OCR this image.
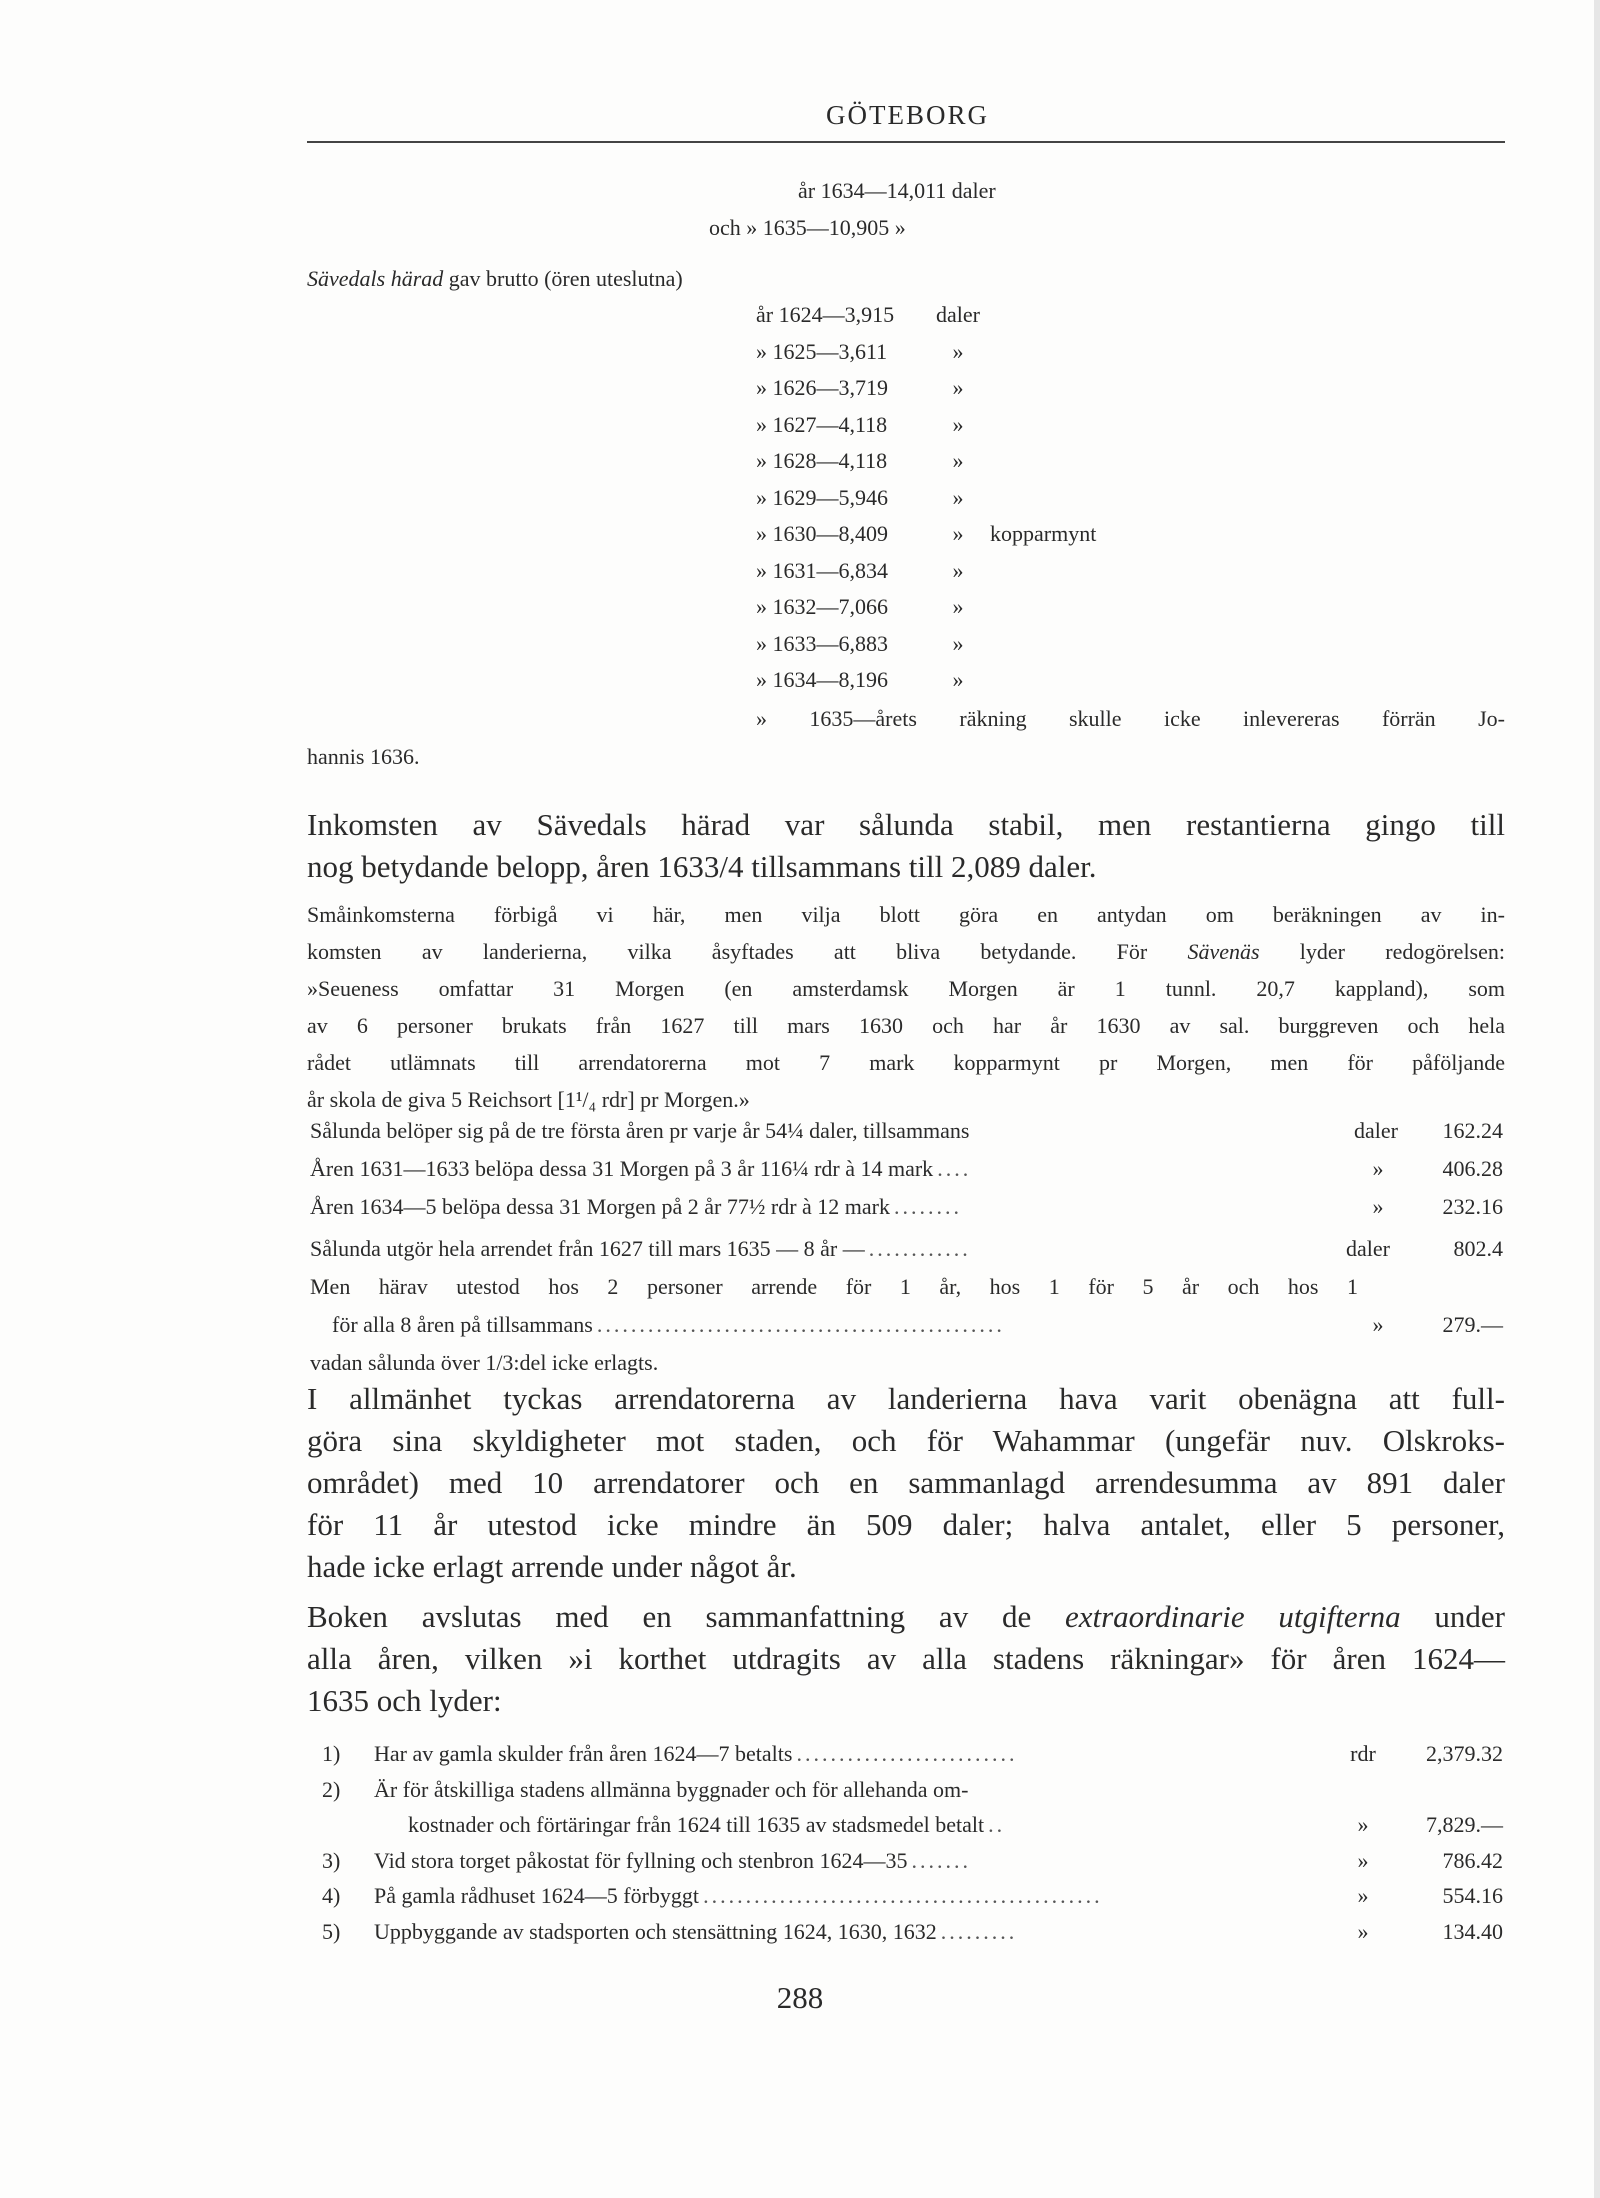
GÖTEBORG
år 1634—14,011 daler
och » 1635—10,905 »
Sävedals härad gav brutto (ören uteslutna)
år 1624—3,915 daler
» 1625—3,611	»
» 1626—3,719	»
» 1627—4,118	»
» 1628—4,118	»
» 1629—5,946	»
» 1630—8,409	» kopparmynt
» 1631—6,834	»
» 1632—7,066	»
» 1633—6,883	»
» 1634—8,196	»
» 1635—årets räkning skulle icke inlevereras förrän Jo-
hannis 1636.
Inkomsten av Sävedals härad var sålunda stabil, men restantierna gingo till
nog betydande belopp, åren 1633/4 tillsammans till 2,089 daler.
Småinkomsterna förbigå vi här, men vilja blott göra en antydan om beräkningen av in-
komsten av landerierna, vilka åsyftades att bliva betydande. För Sävenäs lyder redogörelsen:
»Seueness omfattar 31 Morgen (en amsterdamsk Morgen är 1 tunnl. 20,7 kappland), som
av 6 personer brukats från 1627 till mars 1630 och har år 1630 av sal. burggreven och hela
rådet utlämnats till arrendatorerna mot 7 mark kopparmynt pr Morgen, men för påföljande
år skola de giva 5 Reichsort [1¹/₄ rdr] pr Morgen.»
Sålunda belöper sig på de tre första åren pr varje år 54¼ daler, tillsammans	daler	162.24
Åren 1631—1633 belöpa dessa 31 Morgen på 3 år 116¼ rdr à 14 mark ....	»	406.28
Åren 1634—5 belöpa dessa 31 Morgen på 2 år 77½ rdr à 12 mark ........	»	232.16
Sålunda utgör hela arrendet från 1627 till mars 1635 — 8 år — ............	daler	802.4
Men härav utestod hos 2 personer arrende för 1 år, hos 1 för 5 år och hos 1
för alla 8 åren på tillsammans ................................................	»	279.—
vadan sålunda över 1/3:del icke erlagts.
I allmänhet tyckas arrendatorerna av landerierna hava varit obenägna att full-
göra sina skyldigheter mot staden, och för Wahammar (ungefär nuv. Olskroks-
området) med 10 arrendatorer och en sammanlagd arrendesumma av 891 daler
för 11 år utestod icke mindre än 509 daler; halva antalet, eller 5 personer,
hade icke erlagt arrende under något år.
Boken avslutas med en sammanfattning av de extraordinarie utgifterna under
alla åren, vilken »i korthet utdragits av alla stadens räkningar» för åren 1624—
1635 och lyder:
1)	Har av gamla skulder från åren 1624—7 betalts ..........................	rdr	2,379.32
2)	Är för åtskilliga stadens allmänna byggnader och för allehanda om-
kostnader och förtäringar från 1624 till 1635 av stadsmedel betalt ..	»	7,829.—
3)	Vid stora torget påkostat för fyllning och stenbron 1624—35 .......	»	786.42
4)	På gamla rådhuset 1624—5 förbyggt ...............................................	»	554.16
5)	Uppbyggande av stadsporten och stensättning 1624, 1630, 1632 .........	»	134.40
288
